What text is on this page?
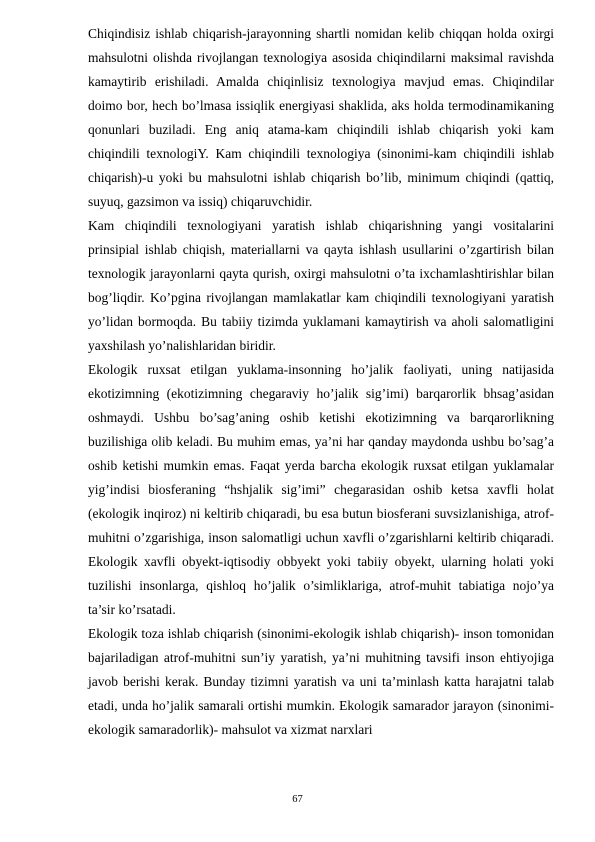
Chiqindisiz ishlab chiqarish-jarayonning shartli nomidan kelib chiqqan holda oxirgi mahsulotni olishda rivojlangan texnologiya asosida chiqindilarni maksimal ravishda kamaytirib erishiladi. Amalda chiqinlisiz texnologiya mavjud emas. Chiqindilar doimo bor, hech bo’lmasa issiqlik energiyasi shaklida, aks holda termodinamikaning qonunlari buziladi. Eng aniq atama-kam chiqindili ishlab chiqarish yoki kam chiqindili texnologiY. Kam chiqindili texnologiya (sinonimi-kam chiqindili ishlab chiqarish)-u yoki bu mahsulotni ishlab chiqarish bo’lib, minimum chiqindi (qattiq, suyuq, gazsimon va issiq) chiqaruvchidir.

Kam chiqindili texnologiyani yaratish ishlab chiqarishning yangi vositalarini prinsipial ishlab chiqish, materiallarni va qayta ishlash usullarini o’zgartirish bilan texnologik jarayonlarni qayta qurish, oxirgi mahsulotni o’ta ixchamlashtirishlar bilan bog’liqdir. Ko’pgina rivojlangan mamlakatlar kam chiqindili texnologiyani yaratish yo’lidan bormoqda. Bu tabiiy tizimda yuklamani kamaytirish va aholi salomatligini yaxshilash yo’nalishlaridan biridir.

Ekologik ruxsat etilgan yuklama-insonning ho’jalik faoliyati, uning natijasida ekotizimning (ekotizimning chegaraviy ho’jalik sig’imi) barqarorlik bhsag’asidan oshmaydi. Ushbu bo’sag’aning oshib ketishi ekotizimning va barqarorlikning buzilishiga olib keladi. Bu muhim emas, ya’ni har qanday maydonda ushbu bo’sag’a oshib ketishi mumkin emas. Faqat yerda barcha ekologik ruxsat etilgan yuklamalar yig’indisi biosferaning “hshjalik sig’imi” chegarasidan oshib ketsa xavfli holat (ekologik inqiroz) ni keltirib chiqaradi, bu esa butun biosferani suvsizlanishiga, atrof-muhitni o’zgarishiga, inson salomatligi uchun xavfli o’zgarishlarni keltirib chiqaradi. Ekologik xavfli obyekt-iqtisodiy obbyekt yoki tabiiy obyekt, ularning holati yoki tuzilishi insonlarga, qishloq ho’jalik o’simliklariga, atrof-muhit tabiatiga nojo’ya ta’sir ko’rsatadi.

Ekologik toza ishlab chiqarish (sinonimi-ekologik ishlab chiqarish)- inson tomonidan bajariladigan atrof-muhitni sun’iy yaratish, ya’ni muhitning tavsifi inson ehtiyojiga javob berishi kerak. Bunday tizimni yaratish va uni ta’minlash katta harajatni talab etadi, unda ho’jalik samarali ortishi mumkin. Ekologik samarador jarayon (sinonimi-ekologik samaradorlik)- mahsulot va xizmat narxlari

67
